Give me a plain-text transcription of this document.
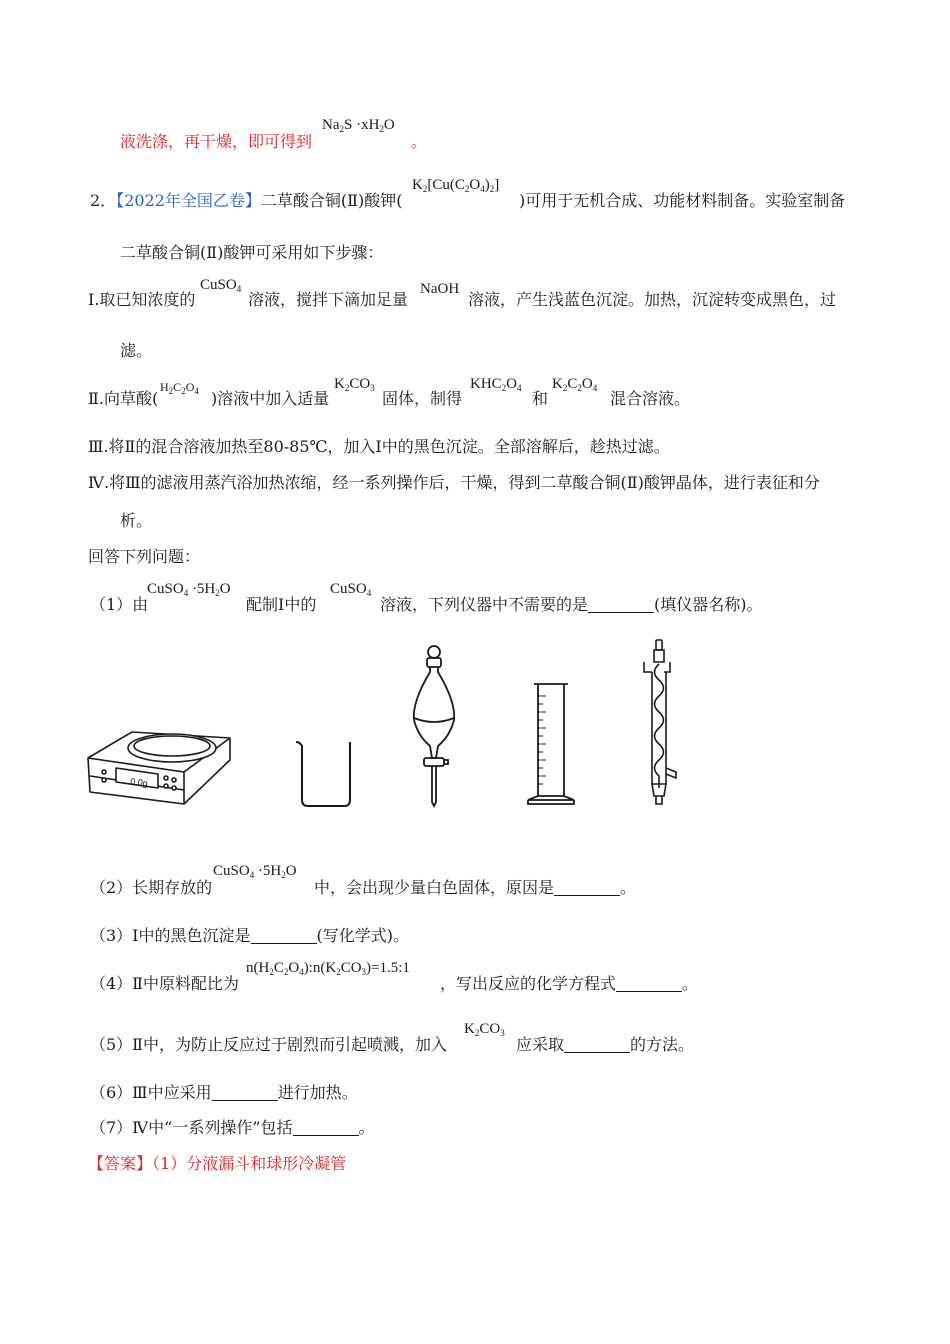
液洗涤，再干燥，即可得到
$Na_2S \cdot xH_2O$
。
2．【2022年全国乙卷】二草酸合铜(Ⅱ)酸钾(
$K_2[Cu(C_2O_4)_2]$
)可用于无机合成、功能材料制备。实验室制备
二草酸合铜(Ⅱ)酸钾可采用如下步骤：
Ⅰ.取已知浓度的
CuSO$_4$
溶液，搅拌下滴加足量
NaOH
溶液，产生浅蓝色沉淀。加热，沉淀转变成黑色，过
滤。
Ⅱ.向草酸(
$H_2C_2O_4$ )溶液中加入适量
$K_2CO_3$
固体，制得
$KHC_2O_4$
和
$K_2C_2O_4$
混合溶液。
Ⅲ.将Ⅱ的混合溶液加热至80-85℃，加入Ⅰ中的黑色沉淀。全部溶解后，趁热过滤。
Ⅳ.将Ⅲ的滤液用蒸汽浴加热浓缩，经一系列操作后，干燥，得到二草酸合铜(Ⅱ)酸钾晶体，进行表征和分
析。
回答下列问题：
（1）由
CuSO$_4$ $\cdot 5H_2O$
配制Ⅰ中的
CuSO$_4$
溶液，下列仪器中不需要的是	(填仪器名称)。
0.0g
（2）长期存放的
CuSO$_4$ $\cdot 5H_2O$
中，会出现少量白色固体，原因是	。
（3）Ⅰ中的黑色沉淀是	(写化学式)。
（4）Ⅱ中原料配比为
$n(H_2C_2O_4):n(K_2CO_3)=1.5:1$
，写出反应的化学方程式	。
（5）Ⅱ中，为防止反应过于剧烈而引起喷溅，加入
$K_2CO_3$
应采取	的方法。
（6）Ⅲ中应采用	进行加热。
（7）Ⅳ中“一系列操作”包括	。
【答案】（1）分液漏斗和球形冷凝管
